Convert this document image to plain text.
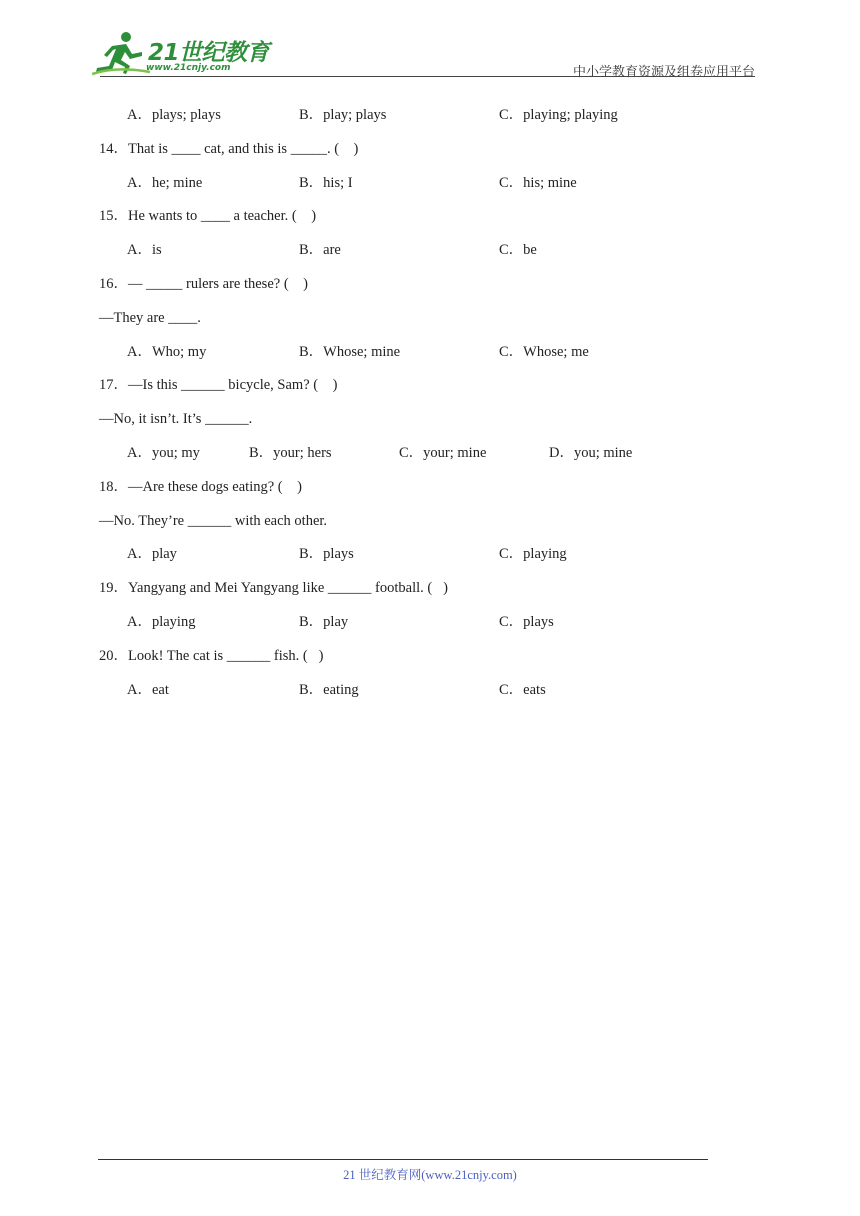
21世纪教育
www.21cnjy.com	中小学教育资源及组卷应用平台
A．plays; plays	B．play; plays	C．playing; playing
14．That is ____ cat, and this is _____. (    )
A．he; mine	B．his; I	C．his; mine
15．He wants to ____ a teacher. (    )
A．is	B．are	C．be
16．— _____ rulers are these? (    )
—They are ____.
A．Who; my	B．Whose; mine	C．Whose; me
17．—Is this ______ bicycle, Sam? (    )
—No, it isn’t. It’s ______.
A．you; my	B．your; hers	C．your; mine	D．you; mine
18．—Are these dogs eating? (    )
—No. They’re ______ with each other.
A．play	B．plays	C．playing
19．Yangyang and Mei Yangyang like ______ football. (   )
A．playing	B．play	C．plays
20．Look! The cat is ______ fish. (   )
A．eat	B．eating	C．eats
21 世纪教育网(www.21cnjy.com)
